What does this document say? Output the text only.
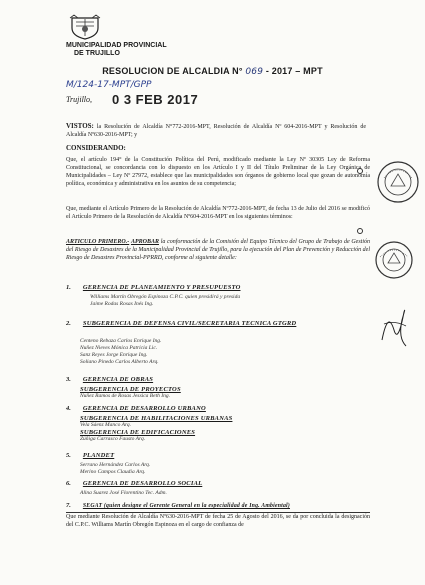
MUNICIPALIDAD PROVINCIAL
DE TRUJILLO
RESOLUCION DE ALCALDIA N° 069 - 2017 – MPT
M/124-17-MPT/GPP
Trujillo, 0 3 FEB 2017
VISTOS: la Resolución de Alcaldía N°772-2016-MPT, Resolución de Alcaldía Nº 604-2016-MPT y Resolución de Alcaldía Nº630-2016-MPT; y
CONSIDERANDO:
Que, el artículo 194° de la Constitución Política del Perú, modificado mediante la Ley Nº 30305 Ley de Reforma Constitucional, se concordancia con lo dispuesto en los Artículo I y II del Título Preliminar de la Ley Orgánica de Municipalidades – Ley Nº 27972, establece que las municipalidades son órganos de gobierno local que gozan de autonomía política, económica y administrativa en los asuntos de su competencia;
Que, mediante el Artículo Primero de la Resolución de Alcaldía Nº772-2016-MPT, de fecha 13 de Julio del 2016 se modificó el Artículo Primero de la Resolución de Alcaldía Nº604-2016-MPT en los siguientes términos:
ARTICULO PRIMERO.- APROBAR la conformación de la Comisión del Equipo Técnico del Grupo de Trabajo de Gestión del Riesgo de Desastres de la Municipalidad Provincial de Trujillo, para la ejecución del Plan de Prevención y Reducción del Riesgo de Desastres Provincial-PPRRD, conforme al siguiente detalle:
1. GERENCIA DE PLANEAMIENTO Y PRESUPUESTO
Williams Martín Obregón Espinoza C.P.C. quien presidirá y presida
Jaime Rodas Rosas Inés Ing.
2. SUBGERENCIA DE DEFENSA CIVIL/SECRETARIA TECNICA GTGRD
Centeno Rebaza Carlos Enrique Ing.
Nuñez Nieves Mónica Patricia Lic.
Sanz Reyes Jorge Enrique Ing.
Soliano Pinedo Carlos Alberto Arq.
3. GERENCIA DE OBRAS
SUBGERENCIA DE PROYECTOS
Nuñez Ramos de Rosas Jessica Beth Ing.
4. GERENCIA DE DESARROLLO URBANO
SUBGERENCIA DE HABILITACIONES URBANAS
Vela Sáenz Manco Arq.
SUBGERENCIA DE EDIFICACIONES
Zúñiga Carrasco Fausto Arq.
5. PLANDET
Serrano Hernández Carlos Arq.
Merino Campos Claudia Arq.
6. GERENCIA DE DESARROLLO SOCIAL
Alina Suarez José Florentino Tec. Adm.
7. SEGAT (quien designe el Gerente General en la especialidad de Ing. Ambiental)
Que mediante Resolución de Alcaldía Nº630-2016-MPT de fecha 25 de Agosto del 2016, se da por concluida la designación del C.P.C. Williams Martín Obregón Espinoza en el cargo de confianza de
